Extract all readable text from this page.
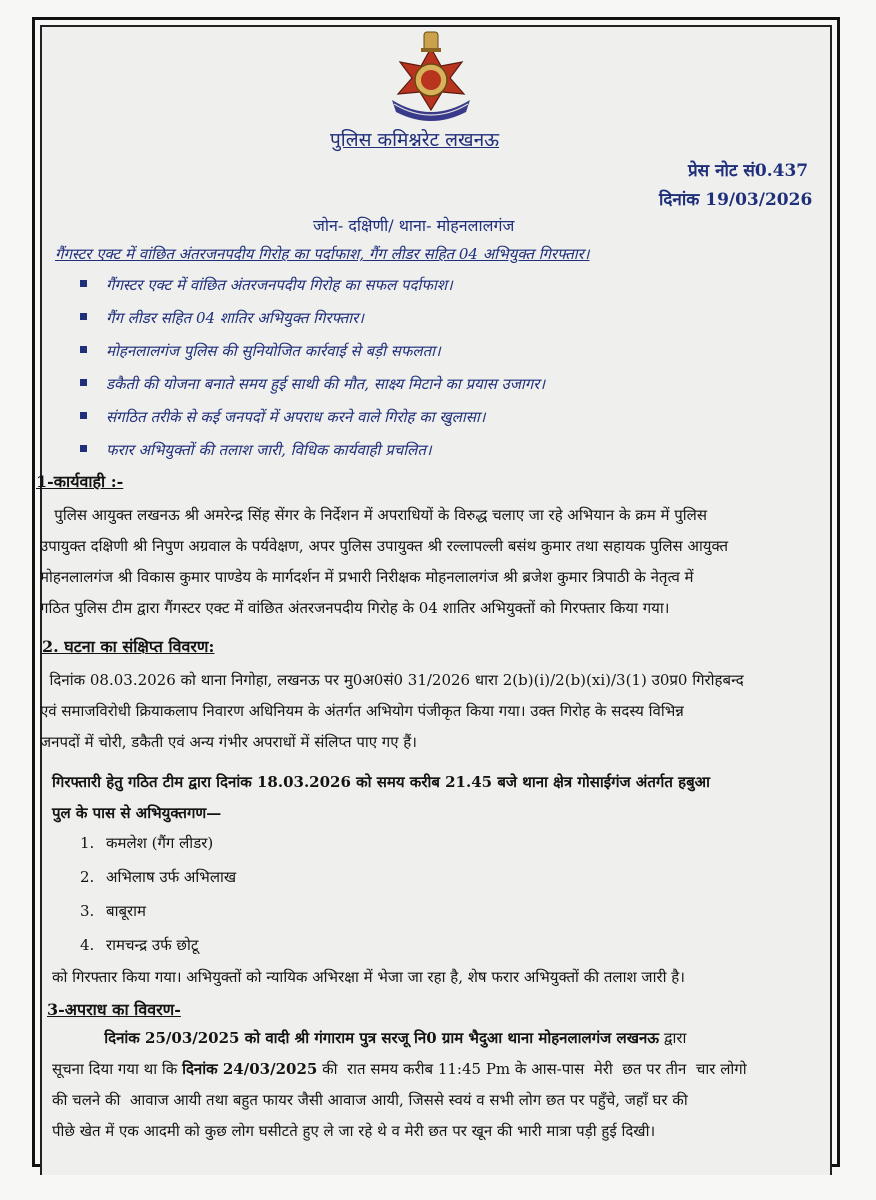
पुलिस कमिश्नरेट लखनऊ
प्रेस नोट सं0.437
दिनांक 19/03/2026
जोन- दक्षिणी/ थाना- मोहनलालगंज
गैंगस्टर एक्ट में वांछित अंतरजनपदीय गिरोह का पर्दाफाश, गैंग लीडर सहित 04 अभियुक्त गिरफ्तार।
गैंगस्टर एक्ट में वांछित अंतरजनपदीय गिरोह का सफल पर्दाफाश।
गैंग लीडर सहित 04 शातिर अभियुक्त गिरफ्तार।
मोहनलालगंज पुलिस की सुनियोजित कार्रवाई से बड़ी सफलता।
डकैती की योजना बनाते समय हुई साथी की मौत, साक्ष्य मिटाने का प्रयास उजागर।
संगठित तरीके से कई जनपदों में अपराध करने वाले गिरोह का खुलासा।
फरार अभियुक्तों की तलाश जारी, विधिक कार्यवाही प्रचलित।
1-कार्यवाही :-
पुलिस आयुक्त लखनऊ श्री अमरेन्द्र सिंह सेंगर के निर्देशन में अपराधियों के विरुद्ध चलाए जा रहे अभियान के क्रम में पुलिस
उपायुक्त दक्षिणी श्री निपुण अग्रवाल के पर्यवेक्षण, अपर पुलिस उपायुक्त श्री रल्लापल्ली बसंथ कुमार तथा सहायक पुलिस आयुक्त
मोहनलालगंज श्री विकास कुमार पाण्डेय के मार्गदर्शन में प्रभारी निरीक्षक मोहनलालगंज श्री ब्रजेश कुमार त्रिपाठी के नेतृत्व में
गठित पुलिस टीम द्वारा गैंगस्टर एक्ट में वांछित अंतरजनपदीय गिरोह के 04 शातिर अभियुक्तों को गिरफ्तार किया गया।
2. घटना का संक्षिप्त विवरण:
दिनांक 08.03.2026 को थाना निगोहा, लखनऊ पर मु0अ0सं0 31/2026 धारा 2(b)(i)/2(b)(xi)/3(1) उ0प्र0 गिरोहबन्द
एवं समाजविरोधी क्रियाकलाप निवारण अधिनियम के अंतर्गत अभियोग पंजीकृत किया गया। उक्त गिरोह के सदस्य विभिन्न
जनपदों में चोरी, डकैती एवं अन्य गंभीर अपराधों में संलिप्त पाए गए हैं।
गिरफ्तारी हेतु गठित टीम द्वारा दिनांक 18.03.2026 को समय करीब 21.45 बजे थाना क्षेत्र गोसाईगंज अंतर्गत हबुआ
पुल के पास से अभियुक्तगण—
1. कमलेश (गैंग लीडर)
2. अभिलाष उर्फ अभिलाख
3. बाबूराम
4. रामचन्द्र उर्फ छोटू
को गिरफ्तार किया गया। अभियुक्तों को न्यायिक अभिरक्षा में भेजा जा रहा है, शेष फरार अभियुक्तों की तलाश जारी है।
3-अपराध का विवरण-
दिनांक 25/03/2025 को वादी श्री गंगाराम पुत्र सरजू नि0 ग्राम भैदुआ थाना मोहनलालगंज लखनऊ द्वारा
सूचना दिया गया था कि दिनांक 24/03/2025 की  रात समय करीब 11:45 Pm के आस-पास  मेरी  छत पर तीन  चार लोगो
की चलने की  आवाज आयी तथा बहुत फायर जैसी आवाज आयी, जिससे स्वयं व सभी लोग छत पर पहुँचे, जहाँ घर की
पीछे खेत में एक आदमी को कुछ लोग घसीटते हुए ले जा रहे थे व मेरी छत पर खून की भारी मात्रा पड़ी हुई दिखी।
